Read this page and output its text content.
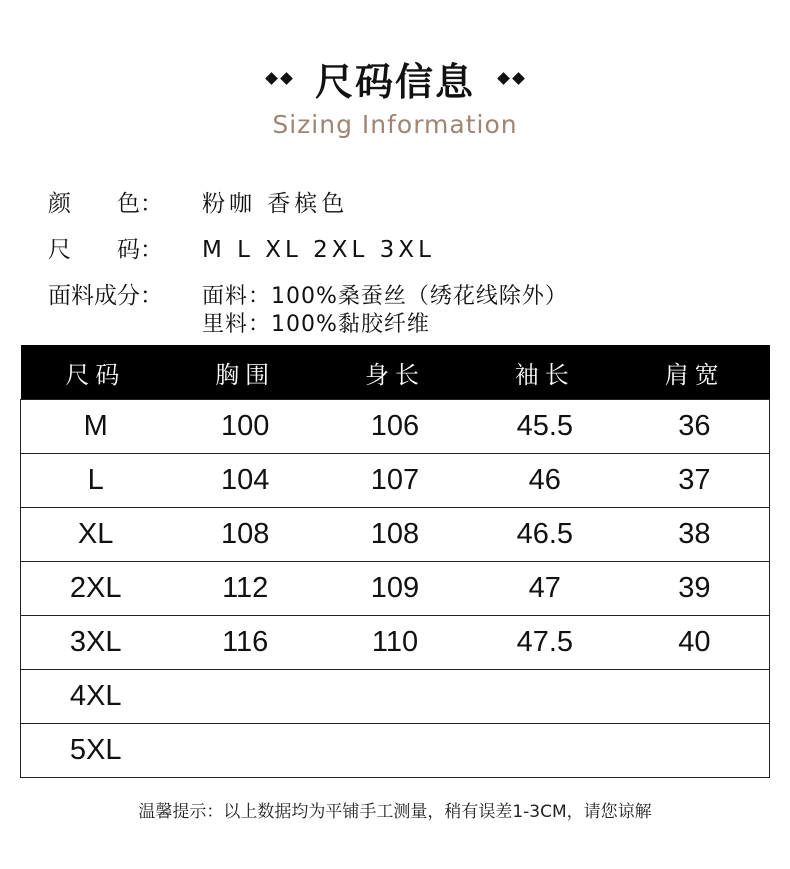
尺码信息
Sizing Information
颜　　色： 粉咖 香槟色
尺　　码： M L XL 2XL 3XL
面料成分： 面料：100%桑蚕丝（绣花线除外）
里料：100%黏胶纤维
尺码	胸围	身长	袖长	肩宽
M	100	106	45.5	36
L	104	107	46	37
XL	108	108	46.5	38
2XL	112	109	47	39
3XL	116	110	47.5	40
4XL				
5XL				
温馨提示：以上数据均为平铺手工测量，稍有误差1-3CM，请您谅解
